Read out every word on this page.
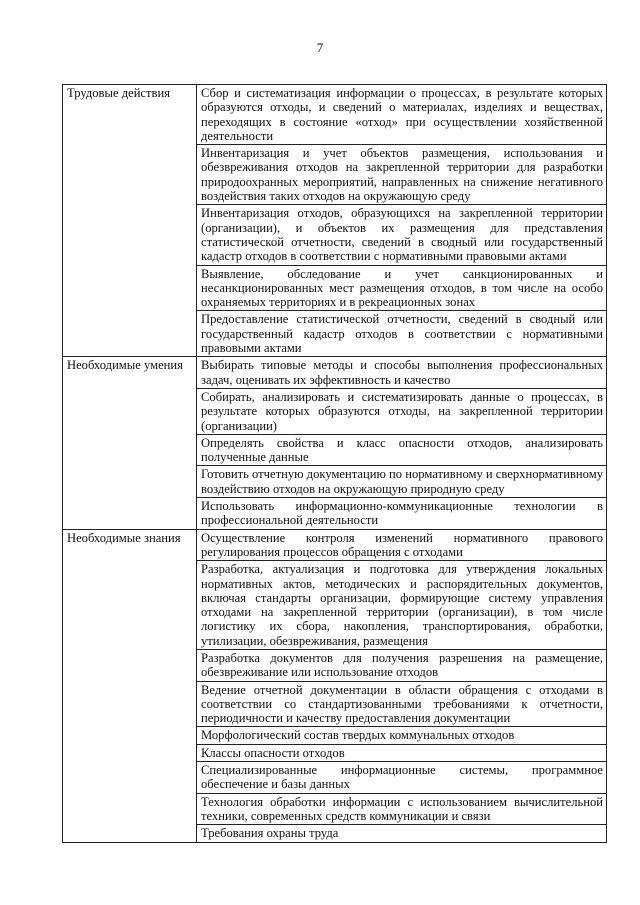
7
Трудовые действия	Сбор и систематизация информации о процессах, в результате которых образуются отходы, и сведений о материалах, изделиях и веществах, переходящих в состояние «отход» при осуществлении хозяйственной деятельности
	Инвентаризация и учет объектов размещения, использования и обезвреживания отходов на закрепленной территории для разработки природоохранных мероприятий, направленных на снижение негативного воздействия таких отходов на окружающую среду
	Инвентаризация отходов, образующихся на закрепленной территории (организации), и объектов их размещения для представления статистической отчетности, сведений в сводный или государственный кадастр отходов в соответствии с нормативными правовыми актами
	Выявление, обследование и учет санкционированных и несанкционированных мест размещения отходов, в том числе на особо охраняемых территориях и в рекреационных зонах
	Предоставление статистической отчетности, сведений в сводный или государственный кадастр отходов в соответствии с нормативными правовыми актами
Необходимые умения	Выбирать типовые методы и способы выполнения профессиональных задач, оценивать их эффективность и качество
	Собирать, анализировать и систематизировать данные о процессах, в результате которых образуются отходы, на закрепленной территории (организации)
	Определять свойства и класс опасности отходов, анализировать полученные данные
	Готовить отчетную документацию по нормативному и сверхнормативному воздействию отходов на окружающую природную среду
	Использовать информационно-коммуникационные технологии в профессиональной деятельности
Необходимые знания	Осуществление контроля изменений нормативного правового регулирования процессов обращения с отходами
	Разработка, актуализация и подготовка для утверждения локальных нормативных актов, методических и распорядительных документов, включая стандарты организации, формирующие систему управления отходами на закрепленной территории (организации), в том числе логистику их сбора, накопления, транспортирования, обработки, утилизации, обезвреживания, размещения
	Разработка документов для получения разрешения на размещение, обезвреживание или использование отходов
	Ведение отчетной документации в области обращения с отходами в соответствии со стандартизованными требованиями к отчетности, периодичности и качеству предоставления документации
	Морфологический состав твердых коммунальных отходов
	Классы опасности отходов
	Специализированные информационные системы, программное обеспечение и базы данных
	Технология обработки информации с использованием вычислительной техники, современных средств коммуникации и связи
	Требования охраны труда
